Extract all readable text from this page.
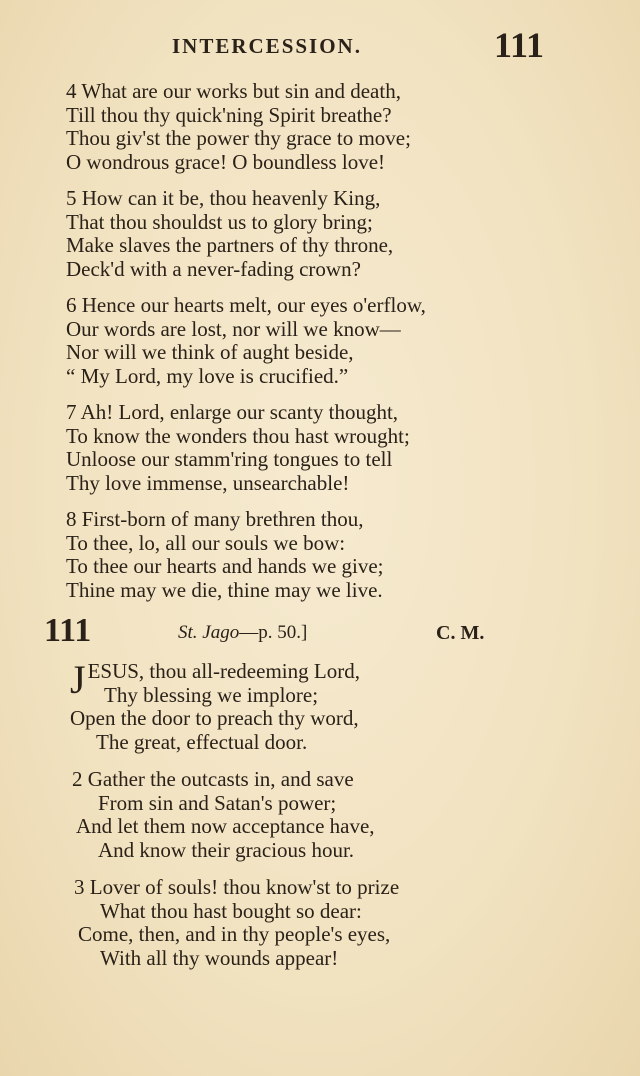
INTERCESSION.	111
4 What are our works but sin and death,
Till thou thy quick'ning Spirit breathe?
Thou giv'st the power thy grace to move;
O wondrous grace! O boundless love!
5 How can it be, thou heavenly King,
That thou shouldst us to glory bring;
Make slaves the partners of thy throne,
Deck'd with a never-fading crown?
6 Hence our hearts melt, our eyes o'erflow,
Our words are lost, nor will we know—
Nor will we think of aught beside,
“ My Lord, my love is crucified.”
7 Ah! Lord, enlarge our scanty thought,
To know the wonders thou hast wrought;
Unloose our stamm'ring tongues to tell
Thy love immense, unsearchable!
8 First-born of many brethren thou,
To thee, lo, all our souls we bow:
To thee our hearts and hands we give;
Thine may we die, thine may we live.
111	St. Jago—p. 50.]	C. M.
JESUS, thou all-redeeming Lord,
Thy blessing we implore;
Open the door to preach thy word,
The great, effectual door.
2 Gather the outcasts in, and save
From sin and Satan's power;
And let them now acceptance have,
And know their gracious hour.
3 Lover of souls! thou know'st to prize
What thou hast bought so dear:
Come, then, and in thy people's eyes,
With all thy wounds appear!
